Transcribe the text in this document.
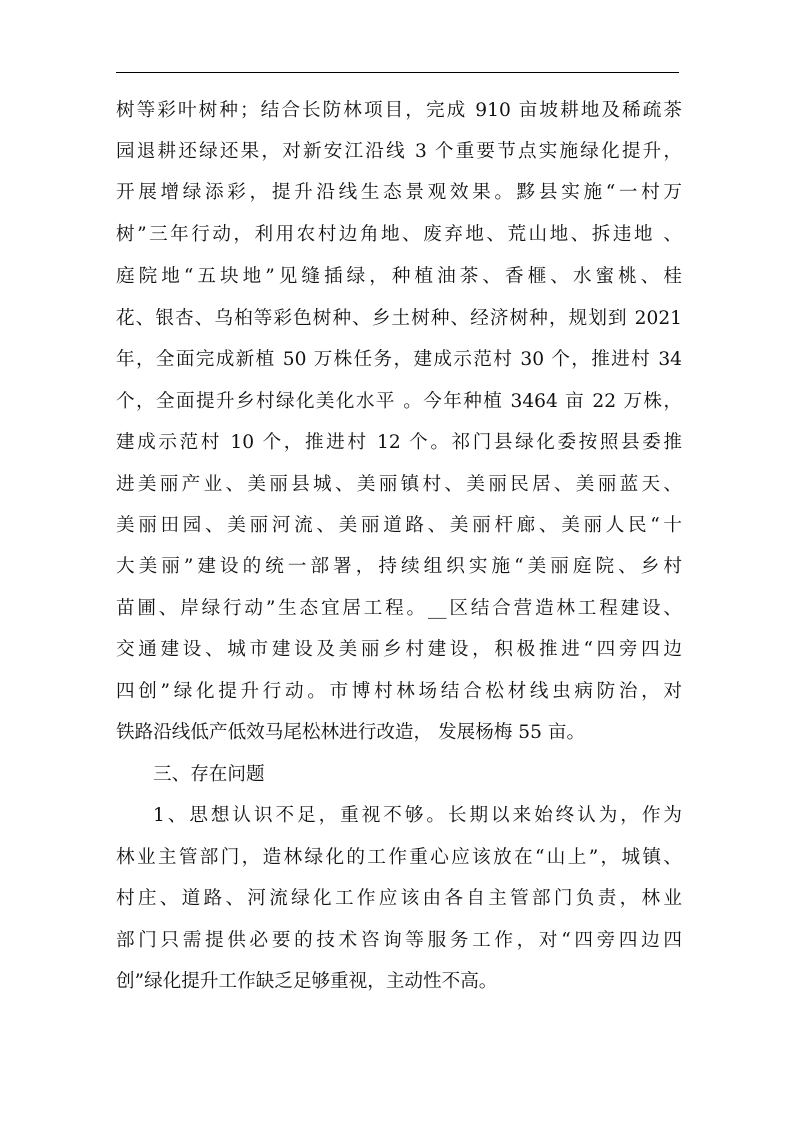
树等彩叶树种；结合长防林项目，完成 910 亩坡耕地及稀疏茶

园退耕还绿还果，对新安江沿线 3 个重要节点实施绿化提升，

开展增绿添彩，提升沿线生态景观效果。黟县实施“一村万

树”三年行动，利用农村边角地、废弃地、荒山地、拆违地 、

庭院地“五块地”见缝插绿，种植油茶、香榧、水蜜桃、桂

花、银杏、乌桕等彩色树种、乡土树种、经济树种，规划到 2021

年，全面完成新植 50 万株任务，建成示范村 30 个，推进村 34

个，全面提升乡村绿化美化水平 。今年种植 3464 亩 22 万株，

建成示范村 10 个，推进村 12 个。祁门县绿化委按照县委推

进美丽产业、美丽县城、美丽镇村、美丽民居、美丽蓝天、

美丽田园、美丽河流、美丽道路、美丽杆廊、美丽人民“十

大美丽”建设的统一部署，持续组织实施“美丽庭院、乡村

苗圃、岸绿行动”生态宜居工程。__区结合营造林工程建设、

交通建设、城市建设及美丽乡村建设，积极推进“四旁四边

四创”绿化提升行动。市博村林场结合松材线虫病防治，对

铁路沿线低产低效马尾松林进行改造， 发展杨梅 55 亩。

三、存在问题

1、思想认识不足，重视不够。长期以来始终认为，作为

林业主管部门，造林绿化的工作重心应该放在“山上”，城镇、

村庄、道路、河流绿化工作应该由各自主管部门负责，林业

部门只需提供必要的技术咨询等服务工作，对“四旁四边四

创”绿化提升工作缺乏足够重视，主动性不高。
